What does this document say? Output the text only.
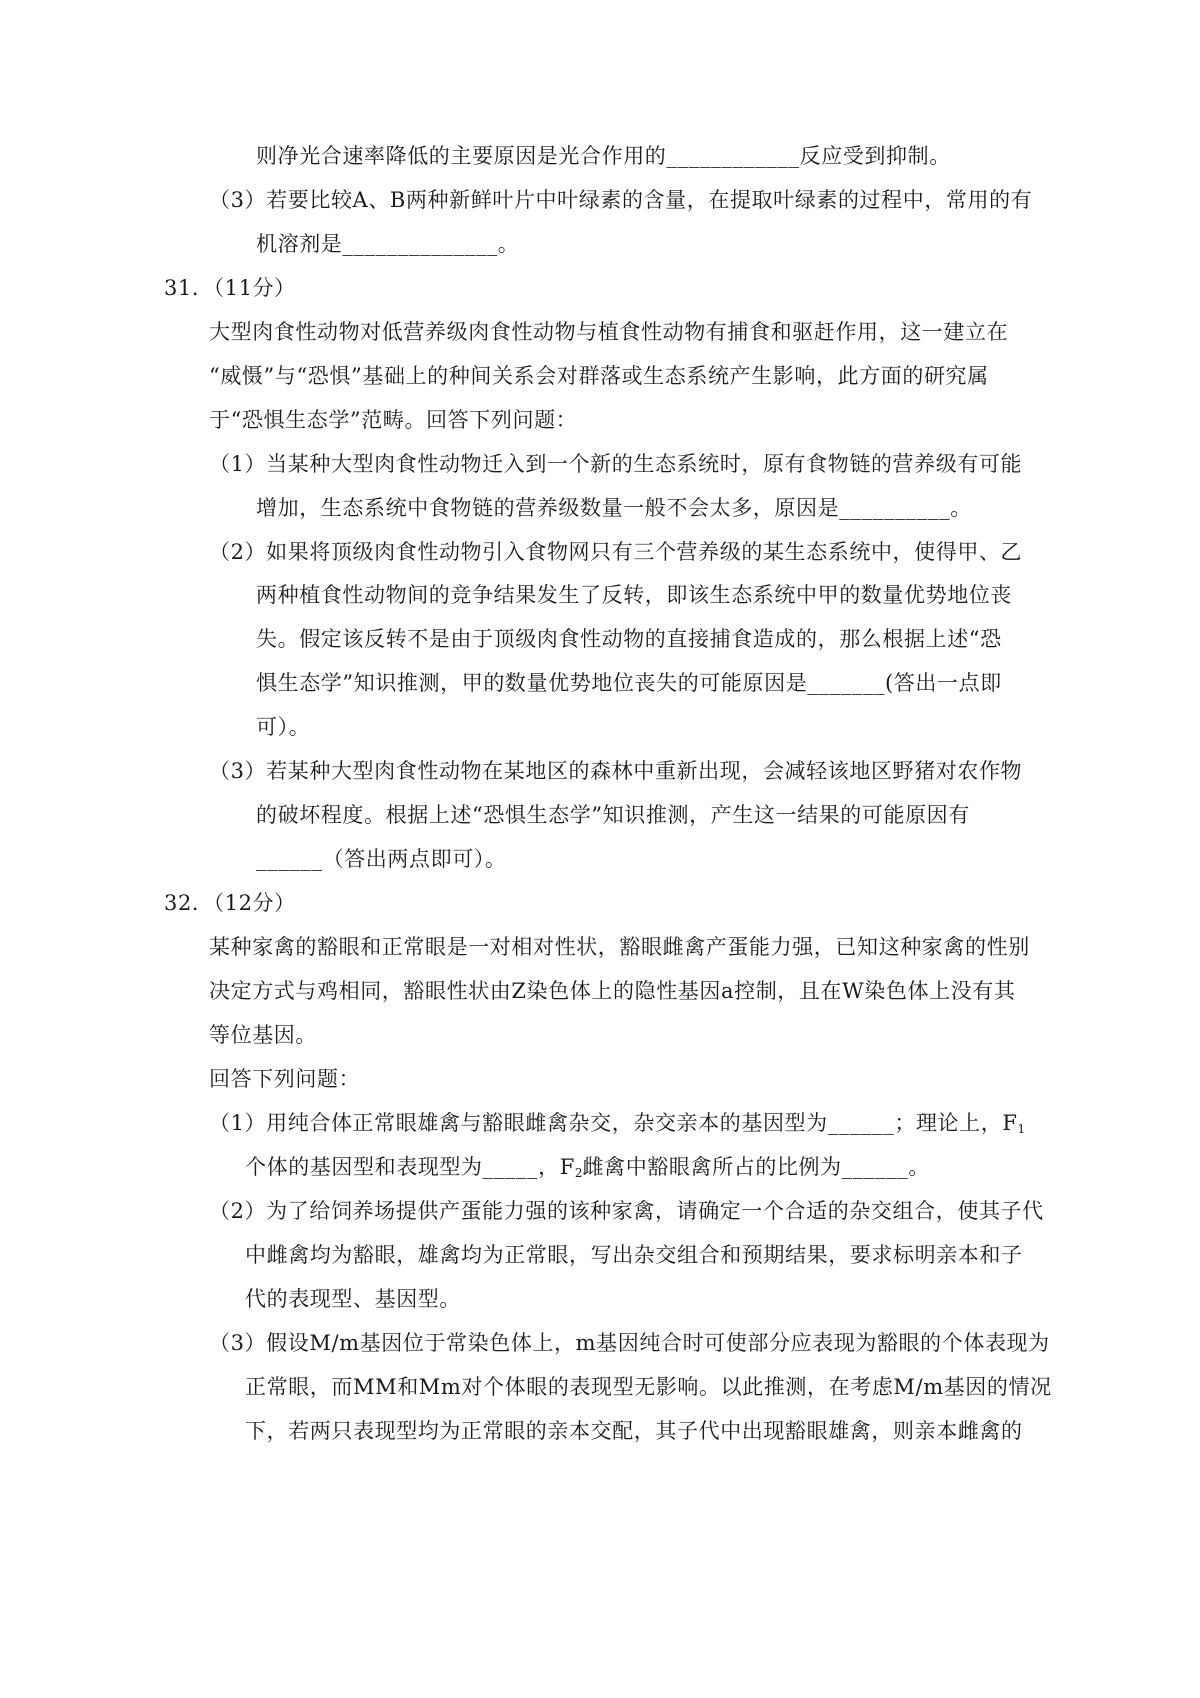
则净光合速率降低的主要原因是光合作用的____________反应受到抑制。
（3）若要比较A、B两种新鲜叶片中叶绿素的含量，在提取叶绿素的过程中，常用的有
机溶剂是______________。
31．（11分）
大型肉食性动物对低营养级肉食性动物与植食性动物有捕食和驱赶作用，这一建立在
“威慑”与“恐惧”基础上的种间关系会对群落或生态系统产生影响，此方面的研究属
于“恐惧生态学”范畴。回答下列问题：
（1）当某种大型肉食性动物迁入到一个新的生态系统时，原有食物链的营养级有可能
增加，生态系统中食物链的营养级数量一般不会太多，原因是__________。
（2）如果将顶级肉食性动物引入食物网只有三个营养级的某生态系统中，使得甲、乙
两种植食性动物间的竞争结果发生了反转，即该生态系统中甲的数量优势地位丧
失。假定该反转不是由于顶级肉食性动物的直接捕食造成的，那么根据上述“恐
惧生态学”知识推测，甲的数量优势地位丧失的可能原因是_______(答出一点即
可）。
（3）若某种大型肉食性动物在某地区的森林中重新出现，会减轻该地区野猪对农作物
的破坏程度。根据上述“恐惧生态学”知识推测，产生这一结果的可能原因有
______（答出两点即可）。
32．（12分）
某种家禽的豁眼和正常眼是一对相对性状，豁眼雌禽产蛋能力强，已知这种家禽的性别
决定方式与鸡相同，豁眼性状由Z染色体上的隐性基因a控制，且在W染色体上没有其
等位基因。
回答下列问题：
（1）用纯合体正常眼雄禽与豁眼雌禽杂交，杂交亲本的基因型为______；理论上，$F_1$
个体的基因型和表现型为_____，$F_2$雌禽中豁眼禽所占的比例为______。
（2）为了给饲养场提供产蛋能力强的该种家禽，请确定一个合适的杂交组合，使其子代
中雌禽均为豁眼，雄禽均为正常眼，写出杂交组合和预期结果，要求标明亲本和子
代的表现型、基因型。
（3）假设M/m基因位于常染色体上，m基因纯合时可使部分应表现为豁眼的个体表现为
正常眼，而MM和Mm对个体眼的表现型无影响。以此推测，在考虑M/m基因的情况
下，若两只表现型均为正常眼的亲本交配，其子代中出现豁眼雄禽，则亲本雌禽的
